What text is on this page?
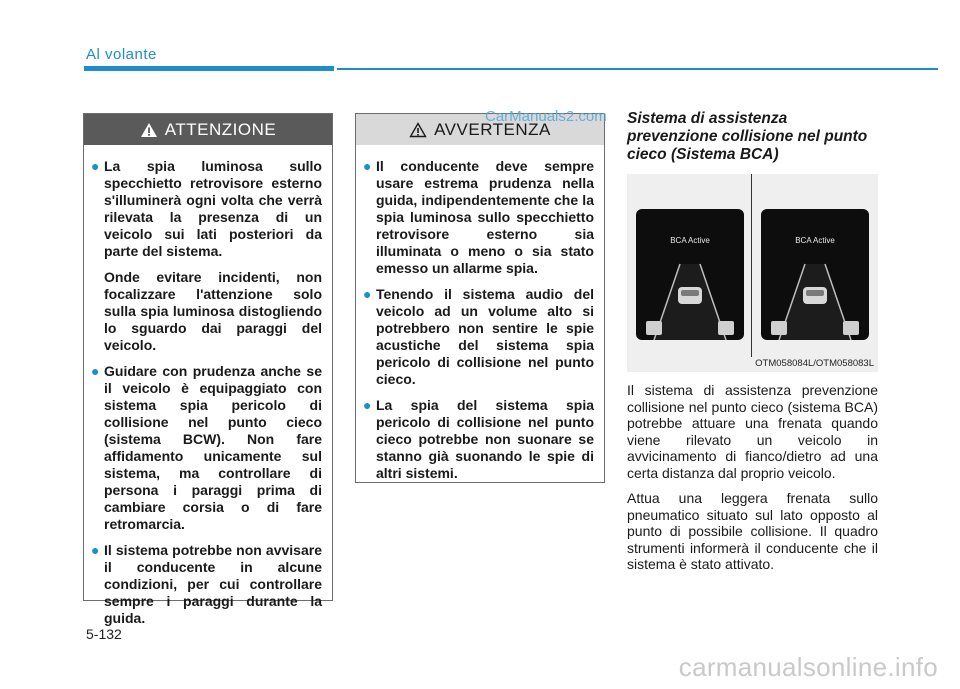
Al volante
ATTENZIONE
● La spia luminosa sullo specchietto retrovisore esterno s'illuminerà ogni volta che verrà rilevata la presenza di un veicolo sui lati posteriori da parte del sistema.

Onde evitare incidenti, non focalizzare l'attenzione solo sulla spia luminosa distogliendo lo sguardo dai paraggi del veicolo.

● Guidare con prudenza anche se il veicolo è equipaggiato con sistema spia pericolo di collisione nel punto cieco (sistema BCW). Non fare affidamento unicamente sul sistema, ma controllare di persona i paraggi prima di cambiare corsia o di fare retromarcia.

● Il sistema potrebbe non avvisare il conducente in alcune condizioni, per cui controllare sempre i paraggi durante la guida.

AVVERTENZA
● Il conducente deve sempre usare estrema prudenza nella guida, indipendentemente che la spia luminosa sullo specchietto retrovisore esterno sia illuminata o meno o sia stato emesso un allarme spia.

● Tenendo il sistema audio del veicolo ad un volume alto si potrebbero non sentire le spie acustiche del sistema spia pericolo di collisione nel punto cieco.

● La spia del sistema spia pericolo di collisione nel punto cieco potrebbe non suonare se stanno già suonando le spie di altri sistemi.

CarManuals2.com Sistema di assistenza prevenzione collisione nel punto cieco (Sistema BCA)
BCA Active	BCA Active
OTM058084L/OTM058083L

Il sistema di assistenza prevenzione collisione nel punto cieco (sistema BCA) potrebbe attuare una frenata quando viene rilevato un veicolo in avvicinamento di fianco/dietro ad una certa distanza dal proprio veicolo.

Attua una leggera frenata sullo pneumatico situato sul lato opposto al punto di possibile collisione. Il quadro strumenti informerà il conducente che il sistema è stato attivato.

5-132
carmanualsonline.info
